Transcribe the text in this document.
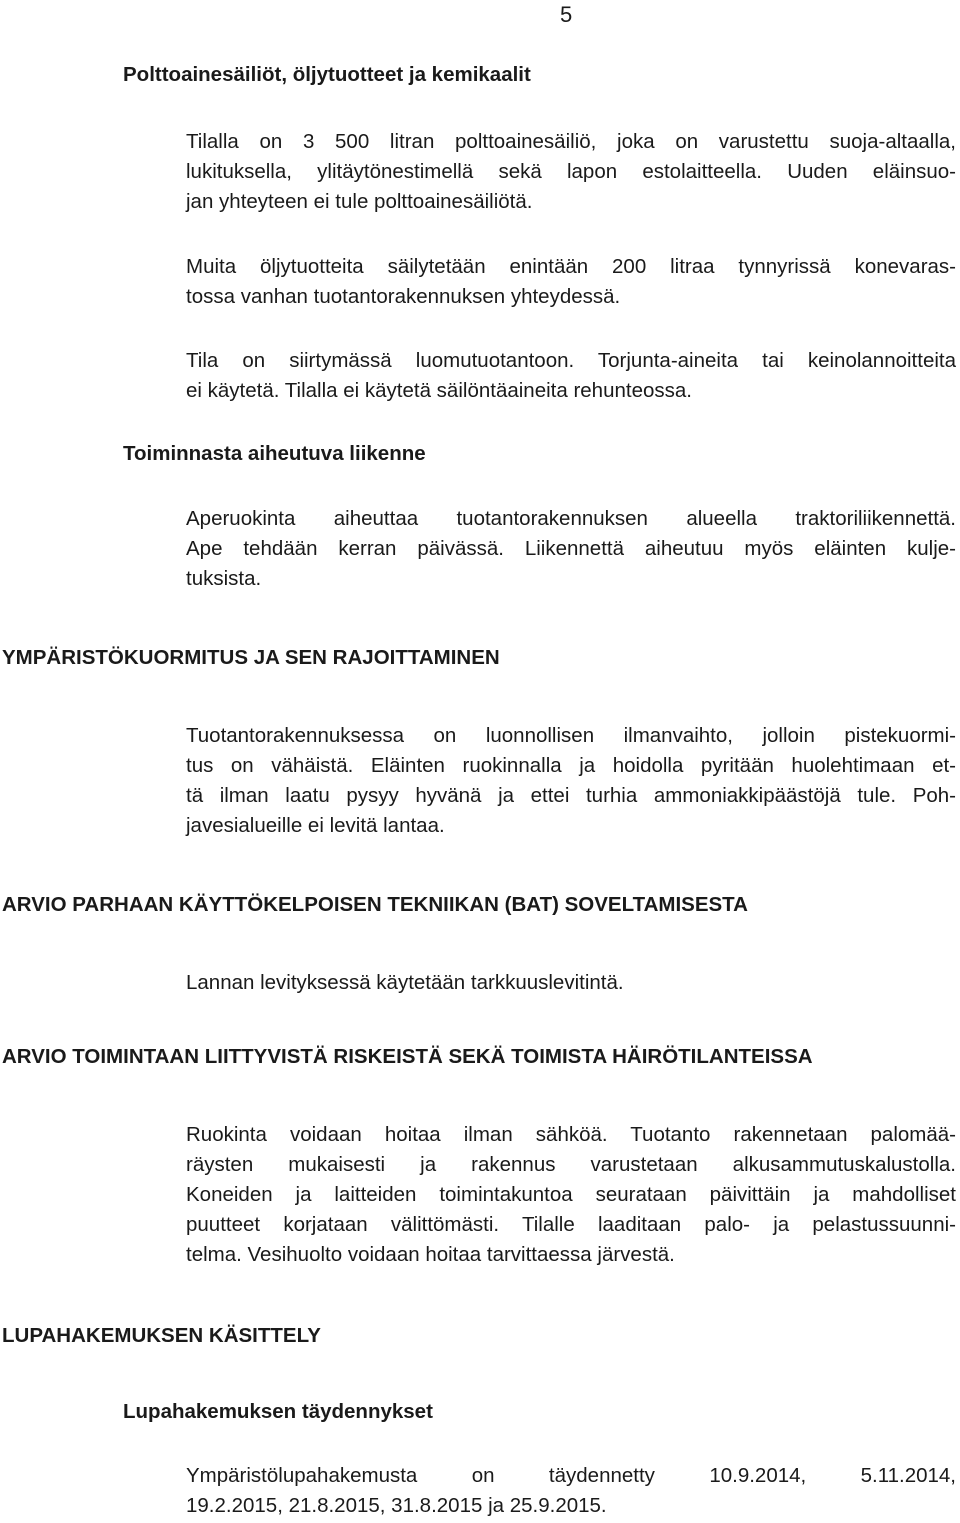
5
Polttoainesäiliöt, öljytuotteet ja kemikaalit

Tilalla on 3 500 litran polttoainesäiliö, joka on varustettu suoja-altaalla,
lukituksella, ylitäytönestimellä sekä lapon estolaitteella. Uuden eläinsuo-
jan yhteyteen ei tule polttoainesäiliötä.

Muita öljytuotteita säilytetään enintään 200 litraa tynnyrissä konevaras-
tossa vanhan tuotantorakennuksen yhteydessä.

Tila on siirtymässä luomutuotantoon. Torjunta-aineita tai keinolannoitteita
ei käytetä. Tilalla ei käytetä säilöntäaineita rehunteossa.

Toiminnasta aiheutuva liikenne

Aperuokinta aiheuttaa tuotantorakennuksen alueella traktoriliikennettä.
Ape tehdään kerran päivässä. Liikennettä aiheutuu myös eläinten kulje-
tuksista.

YMPÄRISTÖKUORMITUS JA SEN RAJOITTAMINEN

Tuotantorakennuksessa on luonnollisen ilmanvaihto, jolloin pistekuormi-
tus on vähäistä. Eläinten ruokinnalla ja hoidolla pyritään huolehtimaan et-
tä ilman laatu pysyy hyvänä ja ettei turhia ammoniakkipäästöjä tule. Poh-
javesialueille ei levitä lantaa.

ARVIO PARHAAN KÄYTTÖKELPOISEN TEKNIIKAN (BAT) SOVELTAMISESTA

Lannan levityksessä käytetään tarkkuuslevitintä.

ARVIO TOIMINTAAN LIITTYVISTÄ RISKEISTÄ SEKÄ TOIMISTA HÄIRÖTILANTEISSA

Ruokinta voidaan hoitaa ilman sähköä. Tuotanto rakennetaan palomää-
räysten mukaisesti ja rakennus varustetaan alkusammutuskalustolla.
Koneiden ja laitteiden toimintakuntoa seurataan päivittäin ja mahdolliset
puutteet korjataan välittömästi. Tilalle laaditaan palo- ja pelastussuunni-
telma. Vesihuolto voidaan hoitaa tarvittaessa järvestä.

LUPAHAKEMUKSEN KÄSITTELY
Lupahakemuksen täydennykset

Ympäristölupahakemusta on täydennetty 10.9.2014, 5.11.2014,
19.2.2015, 21.8.2015, 31.8.2015 ja 25.9.2015.
